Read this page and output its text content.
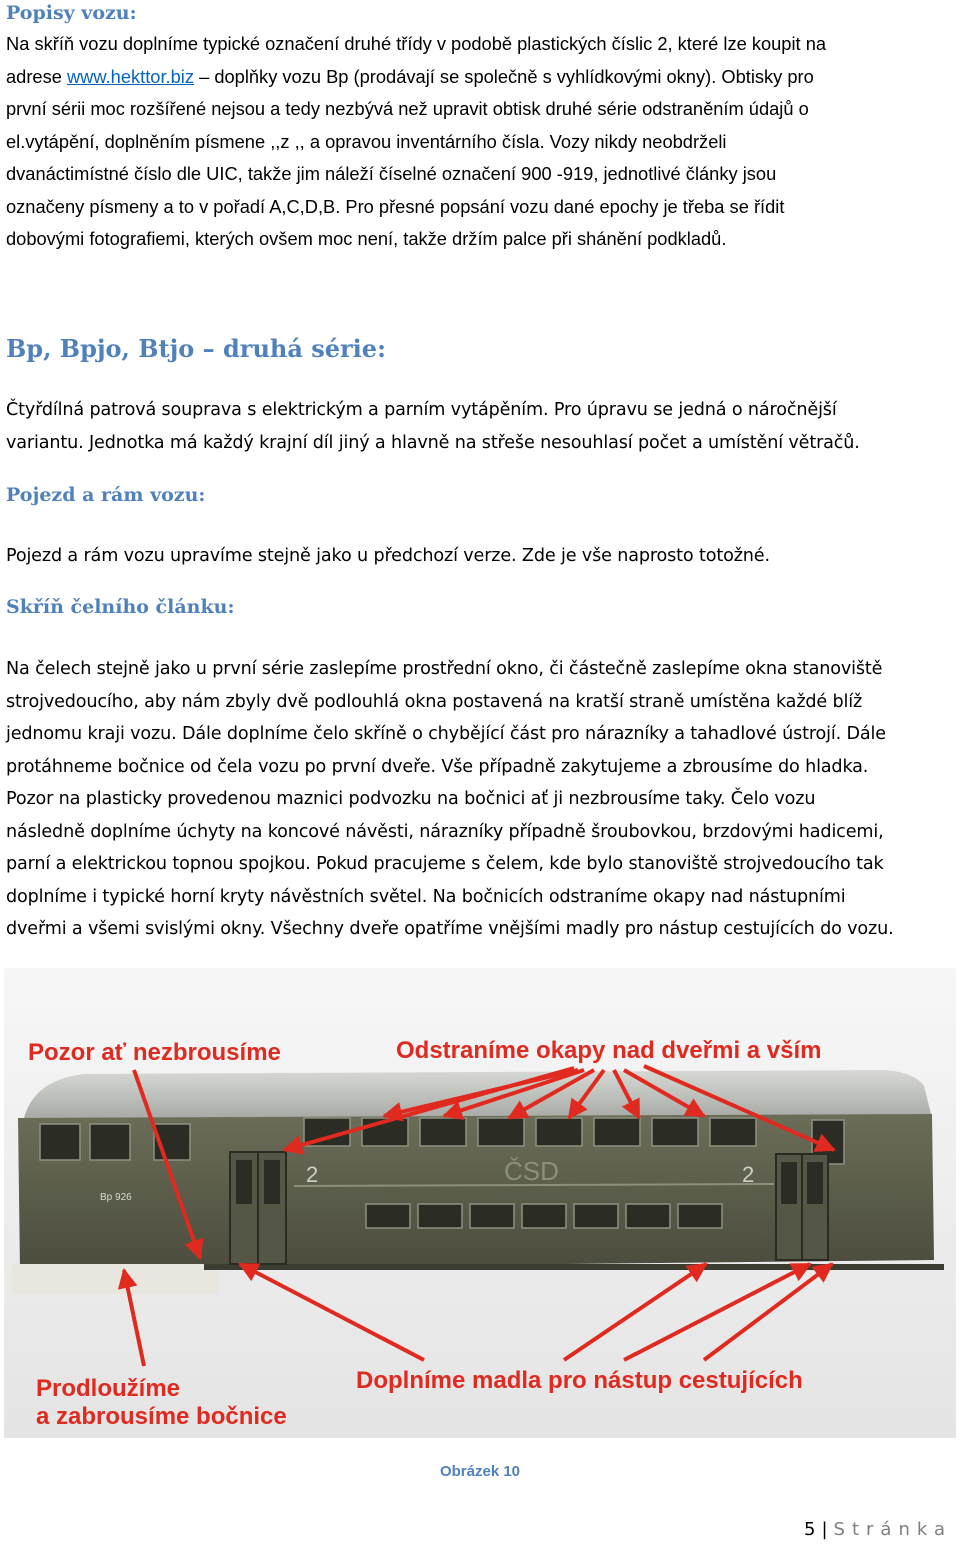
Popisy vozu:
Na skříň vozu doplníme typické označení druhé třídy v podobě plastických číslic 2, které lze koupit na
adrese www.hekttor.biz – doplňky vozu Bp (prodávají se společně s vyhlídkovými okny). Obtisky pro
první sérii moc rozšířené nejsou a tedy nezbývá než upravit obtisk druhé série odstraněním údajů o
el.vytápění, doplněním písmene ,,z ,, a opravou inventárního čísla. Vozy nikdy neobdrželi
dvanáctimístné číslo dle UIC, takže jim náleží číselné označení 900 -919, jednotlivé články jsou
označeny písmeny a to v pořadí A,C,D,B. Pro přesné popsání vozu dané epochy je třeba se řídit
dobovými fotografiemi, kterých ovšem moc není, takže držím palce při shánění podkladů.
Bp, Bpjo, Btjo – druhá série:
Čtyřdílná patrová souprava s elektrickým a parním vytápěním. Pro úpravu se jedná o náročnější
variantu. Jednotka má každý krajní díl jiný a hlavně na střeše nesouhlasí počet a umístění větračů.
Pojezd a rám vozu:
Pojezd a rám vozu upravíme stejně jako u předchozí verze. Zde je vše naprosto totožné.
Skříň čelního článku:
Na čelech stejně jako u první série zaslepíme prostřední okno, či částečně zaslepíme okna stanoviště
strojvedoucího, aby nám zbyly dvě podlouhlá okna postavená na kratší straně umístěna každé blíž
jednomu kraji vozu. Dále doplníme čelo skříně o chybějící část pro nárazníky a tahadlové ústrojí. Dále
protáhneme bočnice od čela vozu po první dveře. Vše případně zakytujeme a zbrousíme do hladka.
Pozor na plasticky provedenou maznici podvozku na bočnici ať ji nezbrousíme taky. Čelo vozu
následně doplníme úchyty na koncové návěsti, nárazníky případně šroubovkou, brzdovými hadicemi,
parní a elektrickou topnou spojkou. Pokud pracujeme s čelem, kde bylo stanoviště strojvedoucího tak
doplníme i typické horní kryty návěstních světel. Na bočnicích odstraníme okapy nad nástupními
dveřmi a všemi svislými okny. Všechny dveře opatříme vnějšími madly pro nástup cestujících do vozu.
ČSD
2	2
Bp 926
Pozor ať nezbrousíme	Odstraníme okapy nad dveřmi a vším
Prodloužíme
a zabrousíme bočnice
Doplníme madla pro nástup cestujících
Obrázek 10
5 | Stránka
